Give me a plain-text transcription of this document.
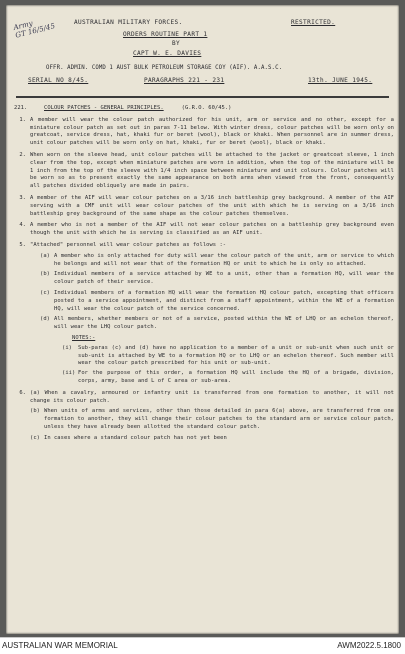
Army
GT 16/5/45	AUSTRALIAN MILITARY FORCES.	RESTRICTED.
ORDERS ROUTINE PART 1
BY
CAPT W. E. DAVIES
OFFR. ADMIN. COMD 1 AUST BULK PETROLEUM STORAGE COY (AIF). A.A.S.C.
SERIAL NO 8/45.	PARAGRAPHS 221 - 231	13th. JUNE 1945.
221.	COLOUR PATCHES - GENERAL PRINCIPLES.	(G.R.O. 60/45.)
1. A member will wear the colour patch authorized for his unit, arm or service and no other, except for a miniature colour patch as set out in paras 7-11 below. With winter dress, colour patches will be worn only on greatcoat, service dress, hat, khaki fur or beret (wool), black or khaki. When personnel are in summer dress, unit colour patches will be worn only on hat, khaki, fur or beret (wool), black or khaki.
2. When worn on the sleeve head, unit colour patches will be attached to the jacket or greatcoat sleeve, 1 inch clear from the top, except when miniature patches are worn in addition, when the top of the miniature will be 1 inch from the top of the sleeve with 1/4 inch space between miniature and unit colours. Colour patches will be worn so as to present exactly the same appearance on both arms when viewed from the front, consequently all patches divided obliquely are made in pairs.
3. A member of the AIF will wear colour patches on a 3/16 inch battleship grey background. A member of the AIF serving with a CMF unit will wear colour patches of the unit with which he is serving on a 3/16 inch battleship grey background of the same shape as the colour patches themselves.
4. A member who is not a member of the AIF will not wear colour patches on a battleship grey background even though the unit with which he is serving is classified as an AIF unit.
5. "Attached" personnel will wear colour patches as follows :-
(a) A member who is only attached for duty will wear the colour patch of the unit, arm or service to which he belongs and will not wear that of the formation HQ or unit to which he is only so attached.
(b) Individual members of a service attached by WE to a unit, other than a formation HQ, will wear the colour patch of their service.
(c) Individual members of a formation HQ will wear the formation HQ colour patch, excepting that officers posted to a service appointment, and distinct from a staff appointment, within the WE of a formation HQ, will wear the colour patch of the service concerned.
(d) All members, whether members or not of a service, posted within the WE of LHQ or an echelon thereof, will wear the LHQ colour patch.
NOTES:-
(i)	Sub-paras (c) and (d) have no application to a member of a unit or sub-unit when such unit or sub-unit is attached by WE to a formation HQ or to LHQ or an echelon thereof. Such member will wear the colour patch prescribed for his unit or sub-unit.
(ii) For the purpose of this order, a formation HQ will include the HQ of a brigade, division, corps, army, base and L of C area or sub-area.
6. (a) When a cavalry, armoured or infantry unit is transferred from one formation to another, it will not change its colour patch.
(b) When units of arms and services, other than those detailed in para 6(a) above, are transferred from one formation to another, they will change their colour patches to the standard arm or service colour patch, unless they have already been allotted the standard colour patch.
(c) In cases where a standard colour patch has not yet been
AUSTRALIAN WAR MEMORIAL	AWM2022.5.1800
